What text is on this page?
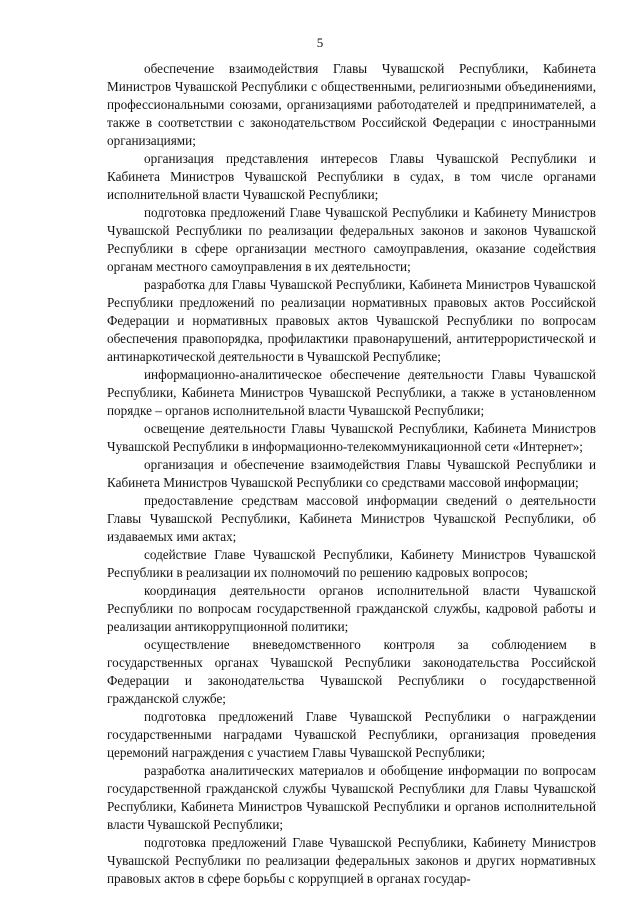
5

обеспечение взаимодействия Главы Чувашской Республики, Кабинета Министров Чувашской Республики с общественными, религиозными объединениями, профессиональными союзами, организациями работодателей и предпринимателей, а также в соответствии с законодательством Российской Федерации с иностранными организациями;

организация представления интересов Главы Чувашской Республики и Кабинета Министров Чувашской Республики в судах, в том числе органами исполнительной власти Чувашской Республики;

подготовка предложений Главе Чувашской Республики и Кабинету Министров Чувашской Республики по реализации федеральных законов и законов Чувашской Республики в сфере организации местного самоуправления, оказание содействия органам местного самоуправления в их деятельности;

разработка для Главы Чувашской Республики, Кабинета Министров Чувашской Республики предложений по реализации нормативных правовых актов Российской Федерации и нормативных правовых актов Чувашской Республики по вопросам обеспечения правопорядка, профилактики правонарушений, антитеррористической и антинаркотической деятельности в Чувашской Республике;

информационно-аналитическое обеспечение деятельности Главы Чувашской Республики, Кабинета Министров Чувашской Республики, а также в установленном порядке – органов исполнительной власти Чувашской Республики;

освещение деятельности Главы Чувашской Республики, Кабинета Министров Чувашской Республики в информационно-телекоммуникационной сети «Интернет»;

организация и обеспечение взаимодействия Главы Чувашской Республики и Кабинета Министров Чувашской Республики со средствами массовой информации;

предоставление средствам массовой информации сведений о деятельности Главы Чувашской Республики, Кабинета Министров Чувашской Республики, об издаваемых ими актах;

содействие Главе Чувашской Республики, Кабинету Министров Чувашской Республики в реализации их полномочий по решению кадровых вопросов;

координация деятельности органов исполнительной власти Чувашской Республики по вопросам государственной гражданской службы, кадровой работы и реализации антикоррупционной политики;

осуществление вневедомственного контроля за соблюдением в государственных органах Чувашской Республики законодательства Российской Федерации и законодательства Чувашской Республики о государственной гражданской службе;

подготовка предложений Главе Чувашской Республики о награждении государственными наградами Чувашской Республики, организация проведения церемоний награждения с участием Главы Чувашской Республики;

разработка аналитических материалов и обобщение информации по вопросам государственной гражданской службы Чувашской Республики для Главы Чувашской Республики, Кабинета Министров Чувашской Республики и органов исполнительной власти Чувашской Республики;

подготовка предложений Главе Чувашской Республики, Кабинету Министров Чувашской Республики по реализации федеральных законов и других нормативных правовых актов в сфере борьбы с коррупцией в органах государ-
